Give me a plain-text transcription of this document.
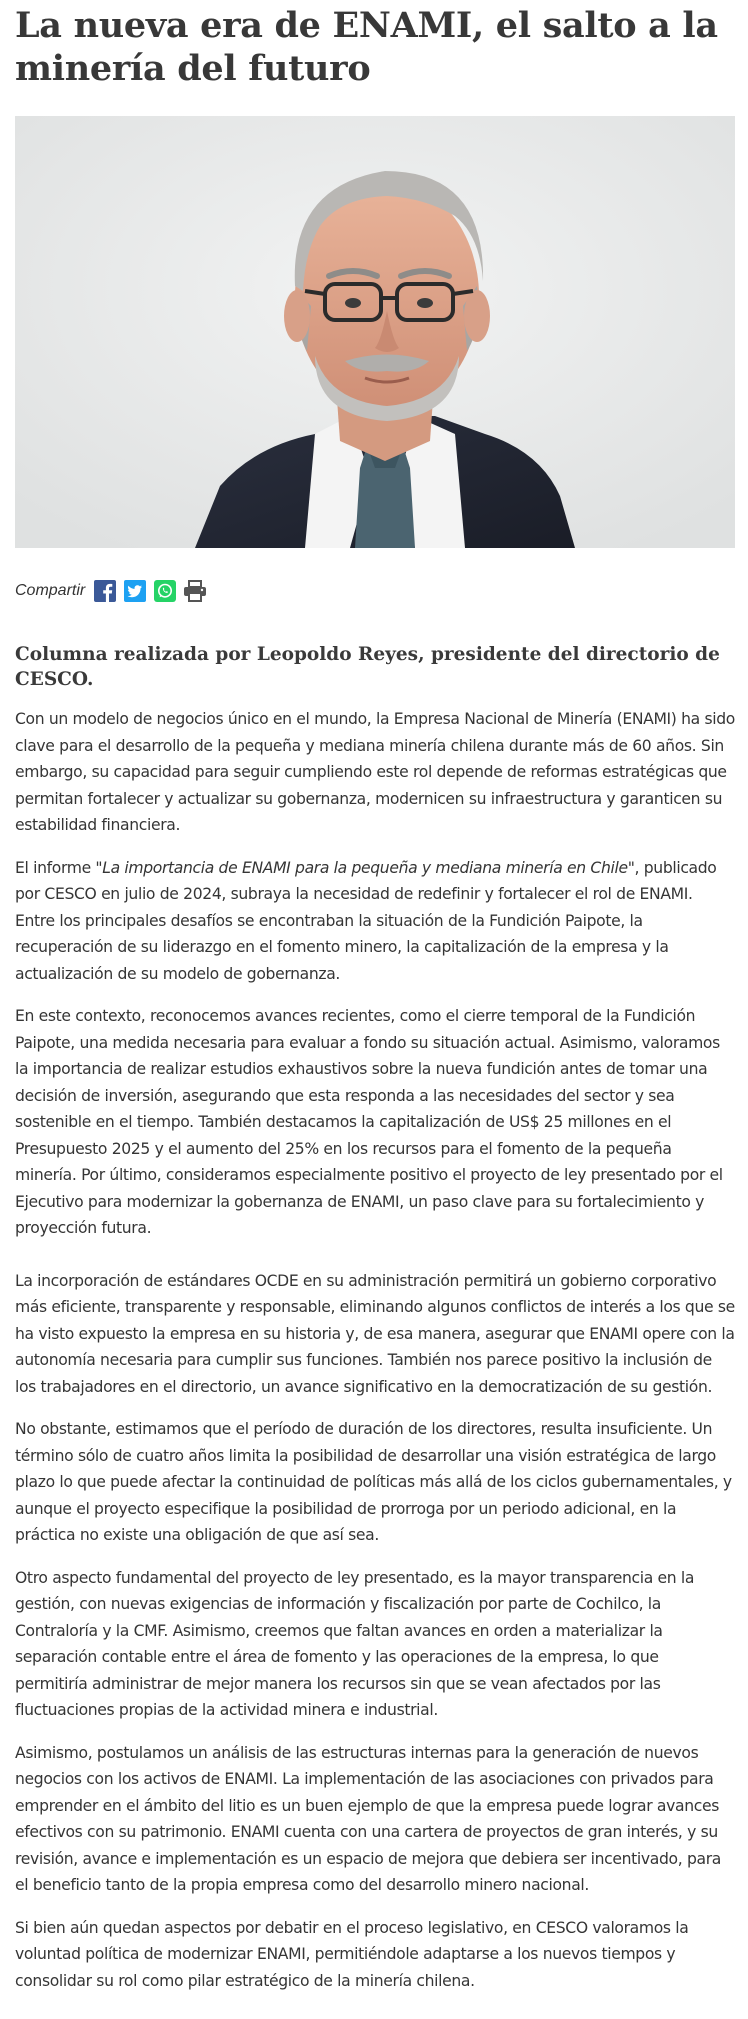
La nueva era de ENAMI, el salto a la minería del futuro
Compartir
Columna realizada por Leopoldo Reyes, presidente del directorio de CESCO.

Con un modelo de negocios único en el mundo, la Empresa Nacional de Minería (ENAMI) ha sido clave para el desarrollo de la pequeña y mediana minería chilena durante más de 60 años. Sin embargo, su capacidad para seguir cumpliendo este rol depende de reformas estratégicas que permitan fortalecer y actualizar su gobernanza, modernicen su infraestructura y garanticen su estabilidad financiera.

El informe "La importancia de ENAMI para la pequeña y mediana minería en Chile", publicado por CESCO en julio de 2024, subraya la necesidad de redefinir y fortalecer el rol de ENAMI. Entre los principales desafíos se encontraban la situación de la Fundición Paipote, la recuperación de su liderazgo en el fomento minero, la capitalización de la empresa y la actualización de su modelo de gobernanza.

En este contexto, reconocemos avances recientes, como el cierre temporal de la Fundición Paipote, una medida necesaria para evaluar a fondo su situación actual. Asimismo, valoramos la importancia de realizar estudios exhaustivos sobre la nueva fundición antes de tomar una decisión de inversión, asegurando que esta responda a las necesidades del sector y sea sostenible en el tiempo. También destacamos la capitalización de US$ 25 millones en el Presupuesto 2025 y el aumento del 25% en los recursos para el fomento de la pequeña minería. Por último, consideramos especialmente positivo el proyecto de ley presentado por el Ejecutivo para modernizar la gobernanza de ENAMI, un paso clave para su fortalecimiento y proyección futura.

La incorporación de estándares OCDE en su administración permitirá un gobierno corporativo más eficiente, transparente y responsable, eliminando algunos conflictos de interés a los que se ha visto expuesto la empresa en su historia y, de esa manera, asegurar que ENAMI opere con la autonomía necesaria para cumplir sus funciones. También nos parece positivo la inclusión de los trabajadores en el directorio, un avance significativo en la democratización de su gestión.

No obstante, estimamos que el período de duración de los directores, resulta insuficiente. Un término sólo de cuatro años limita la posibilidad de desarrollar una visión estratégica de largo plazo lo que puede afectar la continuidad de políticas más allá de los ciclos gubernamentales, y aunque el proyecto especifique la posibilidad de prorroga por un periodo adicional, en la práctica no existe una obligación de que así sea.

Otro aspecto fundamental del proyecto de ley presentado, es la mayor transparencia en la gestión, con nuevas exigencias de información y fiscalización por parte de Cochilco, la Contraloría y la CMF. Asimismo, creemos que faltan avances en orden a materializar la separación contable entre el área de fomento y las operaciones de la empresa, lo que permitiría administrar de mejor manera los recursos sin que se vean afectados por las fluctuaciones propias de la actividad minera e industrial.

Asimismo, postulamos un análisis de las estructuras internas para la generación de nuevos negocios con los activos de ENAMI. La implementación de las asociaciones con privados para emprender en el ámbito del litio es un buen ejemplo de que la empresa puede lograr avances efectivos con su patrimonio. ENAMI cuenta con una cartera de proyectos de gran interés, y su revisión, avance e implementación es un espacio de mejora que debiera ser incentivado, para el beneficio tanto de la propia empresa como del desarrollo minero nacional.

Si bien aún quedan aspectos por debatir en el proceso legislativo, en CESCO valoramos la voluntad política de modernizar ENAMI, permitiéndole adaptarse a los nuevos tiempos y consolidar su rol como pilar estratégico de la minería chilena.
